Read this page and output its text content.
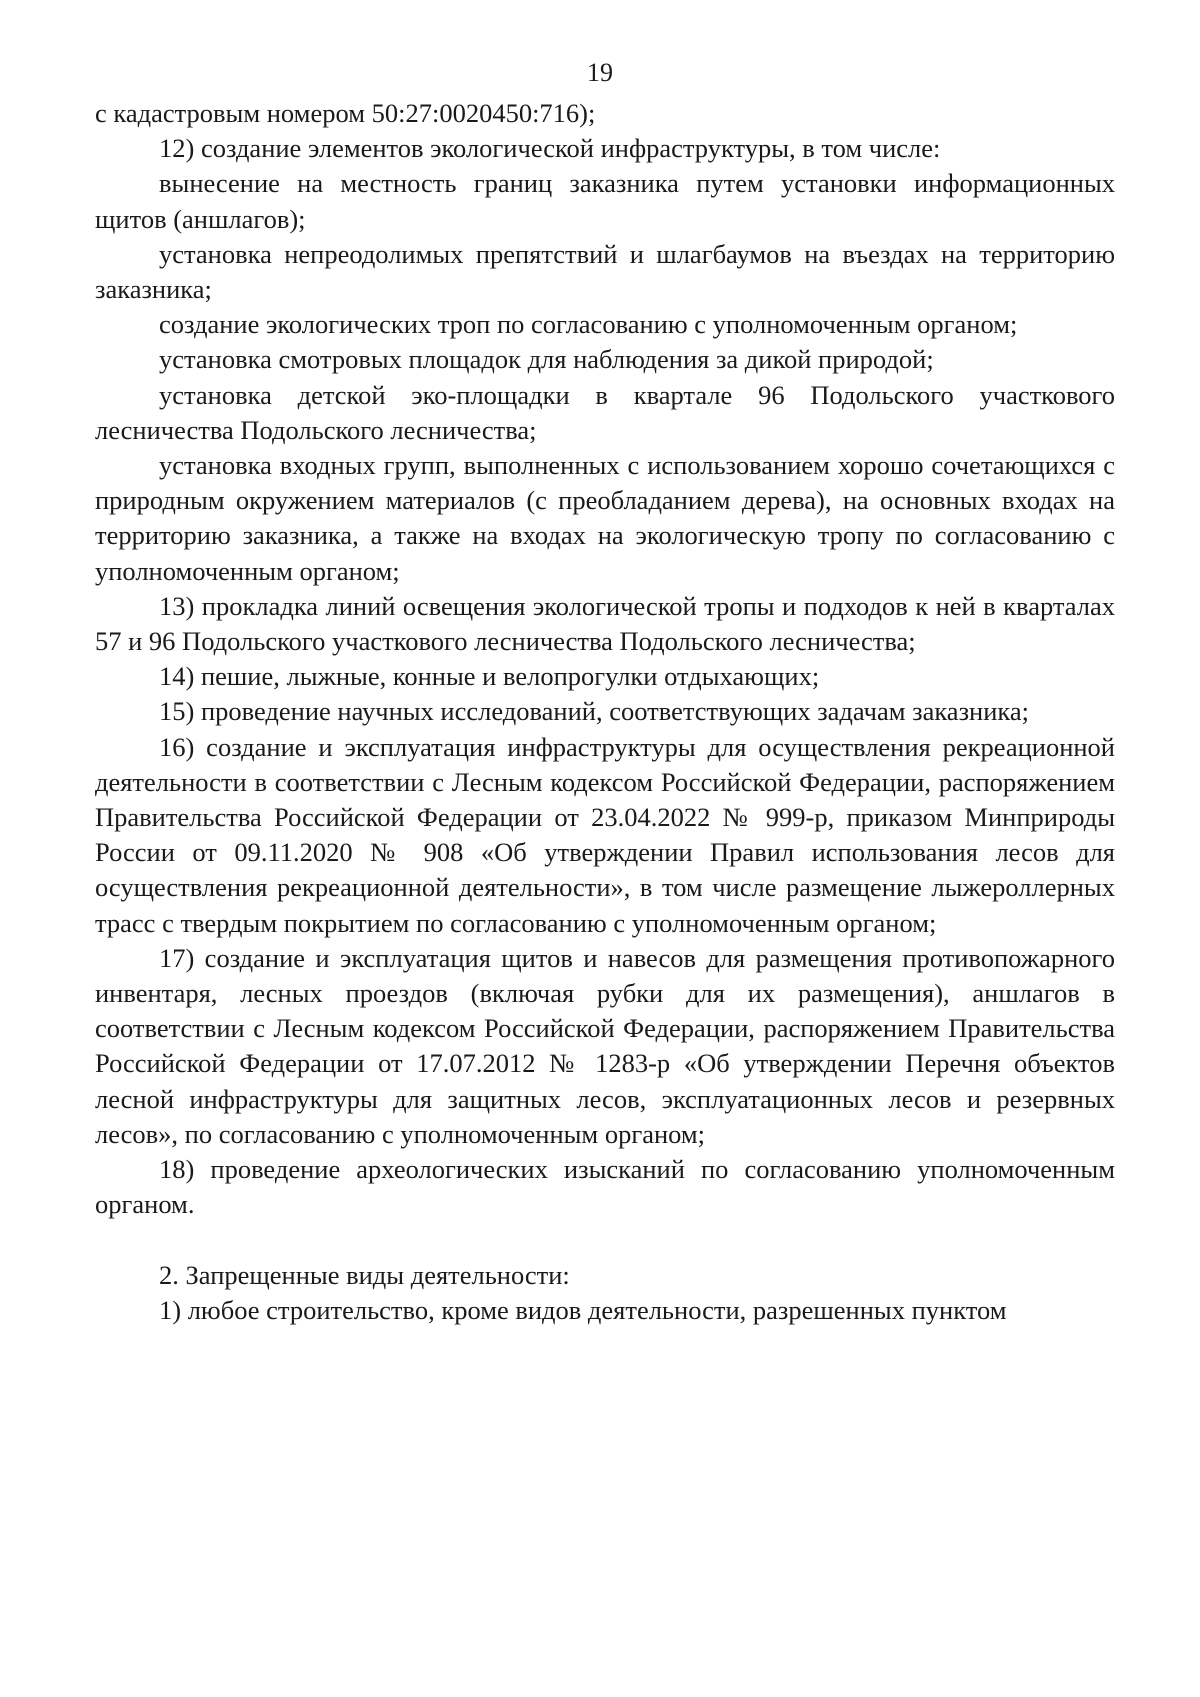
19

с кадастровым номером 50:27:0020450:716);

12) создание элементов экологической инфраструктуры, в том числе:

вынесение на местность границ заказника путем установки информационных щитов (аншлагов);

установка непреодолимых препятствий и шлагбаумов на въездах на территорию заказника;

создание экологических троп по согласованию с уполномоченным органом;

установка смотровых площадок для наблюдения за дикой природой;

установка детской эко-площадки в квартале 96 Подольского участкового лесничества Подольского лесничества;

установка входных групп, выполненных с использованием хорошо сочетающихся с природным окружением материалов (с преобладанием дерева), на основных входах на территорию заказника, а также на входах на экологическую тропу по согласованию с уполномоченным органом;

13) прокладка линий освещения экологической тропы и подходов к ней в кварталах 57 и 96 Подольского участкового лесничества Подольского лесничества;

14) пешие, лыжные, конные и велопрогулки отдыхающих;

15) проведение научных исследований, соответствующих задачам заказника;

16) создание и эксплуатация инфраструктуры для осуществления рекреационной деятельности в соответствии с Лесным кодексом Российской Федерации, распоряжением Правительства Российской Федерации от 23.04.2022 № 999-р, приказом Минприроды России от 09.11.2020 № 908 «Об утверждении Правил использования лесов для осуществления рекреационной деятельности», в том числе размещение лыжероллерных трасс с твердым покрытием по согласованию с уполномоченным органом;

17) создание и эксплуатация щитов и навесов для размещения противопожарного инвентаря, лесных проездов (включая рубки для их размещения), аншлагов в соответствии с Лесным кодексом Российской Федерации, распоряжением Правительства Российской Федерации от 17.07.2012 № 1283-р «Об утверждении Перечня объектов лесной инфраструктуры для защитных лесов, эксплуатационных лесов и резервных лесов», по согласованию с уполномоченным органом;

18) проведение археологических изысканий по согласованию уполномоченным органом.

2. Запрещенные виды деятельности:

1) любое строительство, кроме видов деятельности, разрешенных пунктом
